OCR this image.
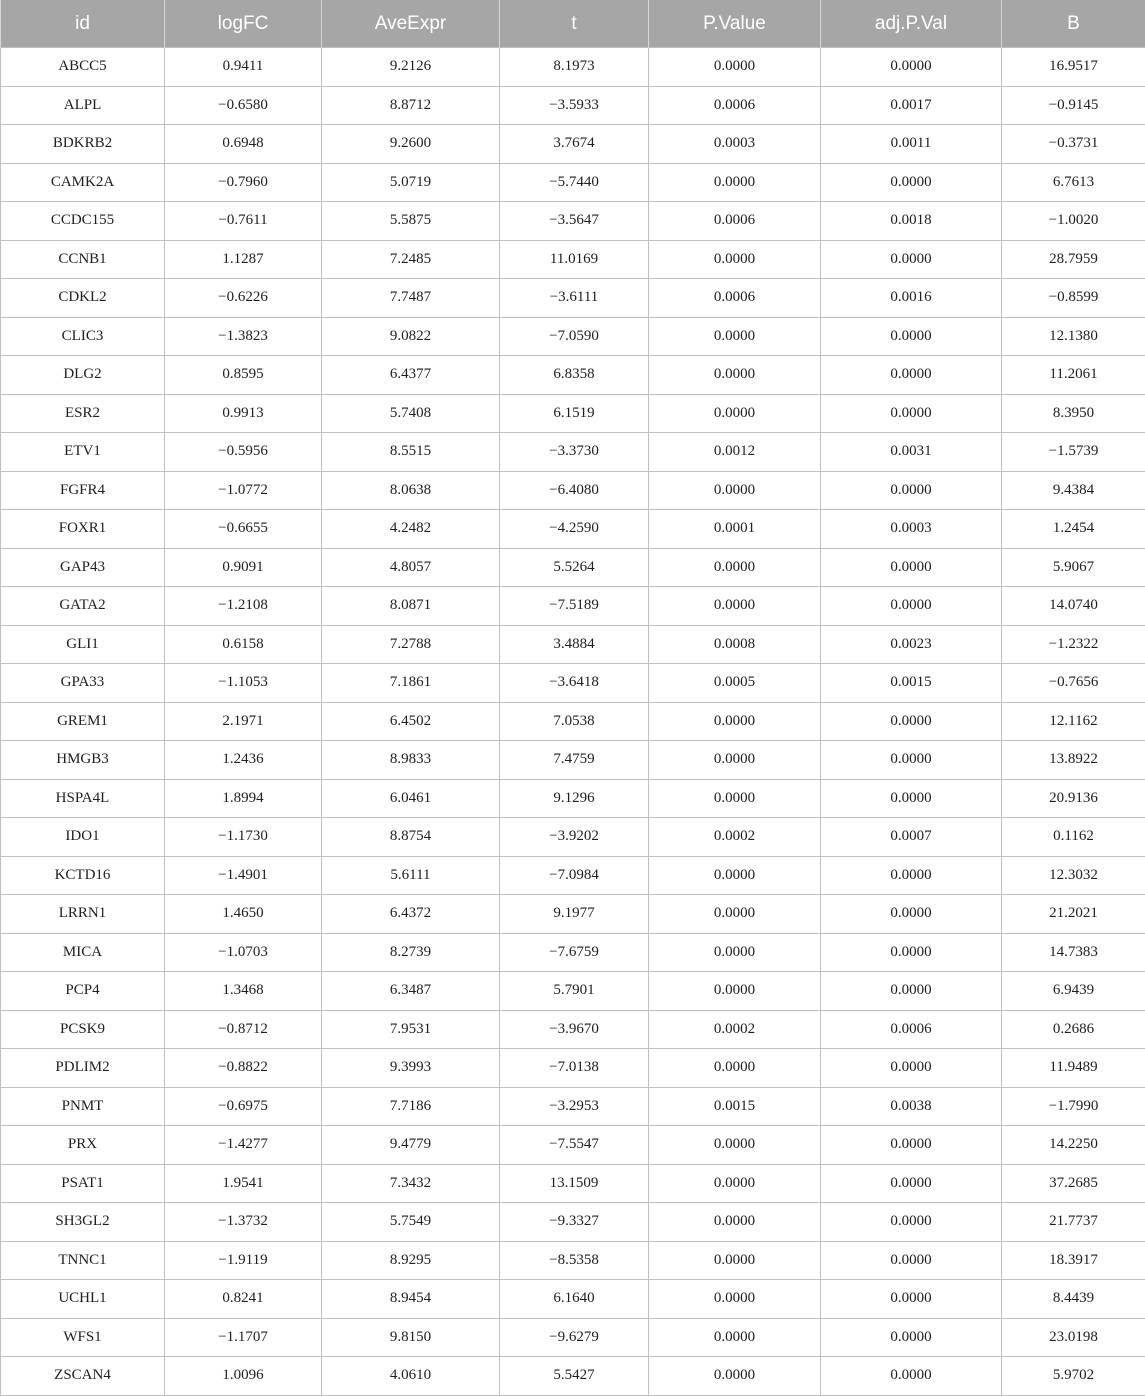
id	logFC	AveExpr	t	P.Value	adj.P.Val	B
ABCC5	0.9411	9.2126	8.1973	0.0000	0.0000	16.9517
ALPL	−0.6580	8.8712	−3.5933	0.0006	0.0017	−0.9145
BDKRB2	0.6948	9.2600	3.7674	0.0003	0.0011	−0.3731
CAMK2A	−0.7960	5.0719	−5.7440	0.0000	0.0000	6.7613
CCDC155	−0.7611	5.5875	−3.5647	0.0006	0.0018	−1.0020
CCNB1	1.1287	7.2485	11.0169	0.0000	0.0000	28.7959
CDKL2	−0.6226	7.7487	−3.6111	0.0006	0.0016	−0.8599
CLIC3	−1.3823	9.0822	−7.0590	0.0000	0.0000	12.1380
DLG2	0.8595	6.4377	6.8358	0.0000	0.0000	11.2061
ESR2	0.9913	5.7408	6.1519	0.0000	0.0000	8.3950
ETV1	−0.5956	8.5515	−3.3730	0.0012	0.0031	−1.5739
FGFR4	−1.0772	8.0638	−6.4080	0.0000	0.0000	9.4384
FOXR1	−0.6655	4.2482	−4.2590	0.0001	0.0003	1.2454
GAP43	0.9091	4.8057	5.5264	0.0000	0.0000	5.9067
GATA2	−1.2108	8.0871	−7.5189	0.0000	0.0000	14.0740
GLI1	0.6158	7.2788	3.4884	0.0008	0.0023	−1.2322
GPA33	−1.1053	7.1861	−3.6418	0.0005	0.0015	−0.7656
GREM1	2.1971	6.4502	7.0538	0.0000	0.0000	12.1162
HMGB3	1.2436	8.9833	7.4759	0.0000	0.0000	13.8922
HSPA4L	1.8994	6.0461	9.1296	0.0000	0.0000	20.9136
IDO1	−1.1730	8.8754	−3.9202	0.0002	0.0007	0.1162
KCTD16	−1.4901	5.6111	−7.0984	0.0000	0.0000	12.3032
LRRN1	1.4650	6.4372	9.1977	0.0000	0.0000	21.2021
MICA	−1.0703	8.2739	−7.6759	0.0000	0.0000	14.7383
PCP4	1.3468	6.3487	5.7901	0.0000	0.0000	6.9439
PCSK9	−0.8712	7.9531	−3.9670	0.0002	0.0006	0.2686
PDLIM2	−0.8822	9.3993	−7.0138	0.0000	0.0000	11.9489
PNMT	−0.6975	7.7186	−3.2953	0.0015	0.0038	−1.7990
PRX	−1.4277	9.4779	−7.5547	0.0000	0.0000	14.2250
PSAT1	1.9541	7.3432	13.1509	0.0000	0.0000	37.2685
SH3GL2	−1.3732	5.7549	−9.3327	0.0000	0.0000	21.7737
TNNC1	−1.9119	8.9295	−8.5358	0.0000	0.0000	18.3917
UCHL1	0.8241	8.9454	6.1640	0.0000	0.0000	8.4439
WFS1	−1.1707	9.8150	−9.6279	0.0000	0.0000	23.0198
ZSCAN4	1.0096	4.0610	5.5427	0.0000	0.0000	5.9702
